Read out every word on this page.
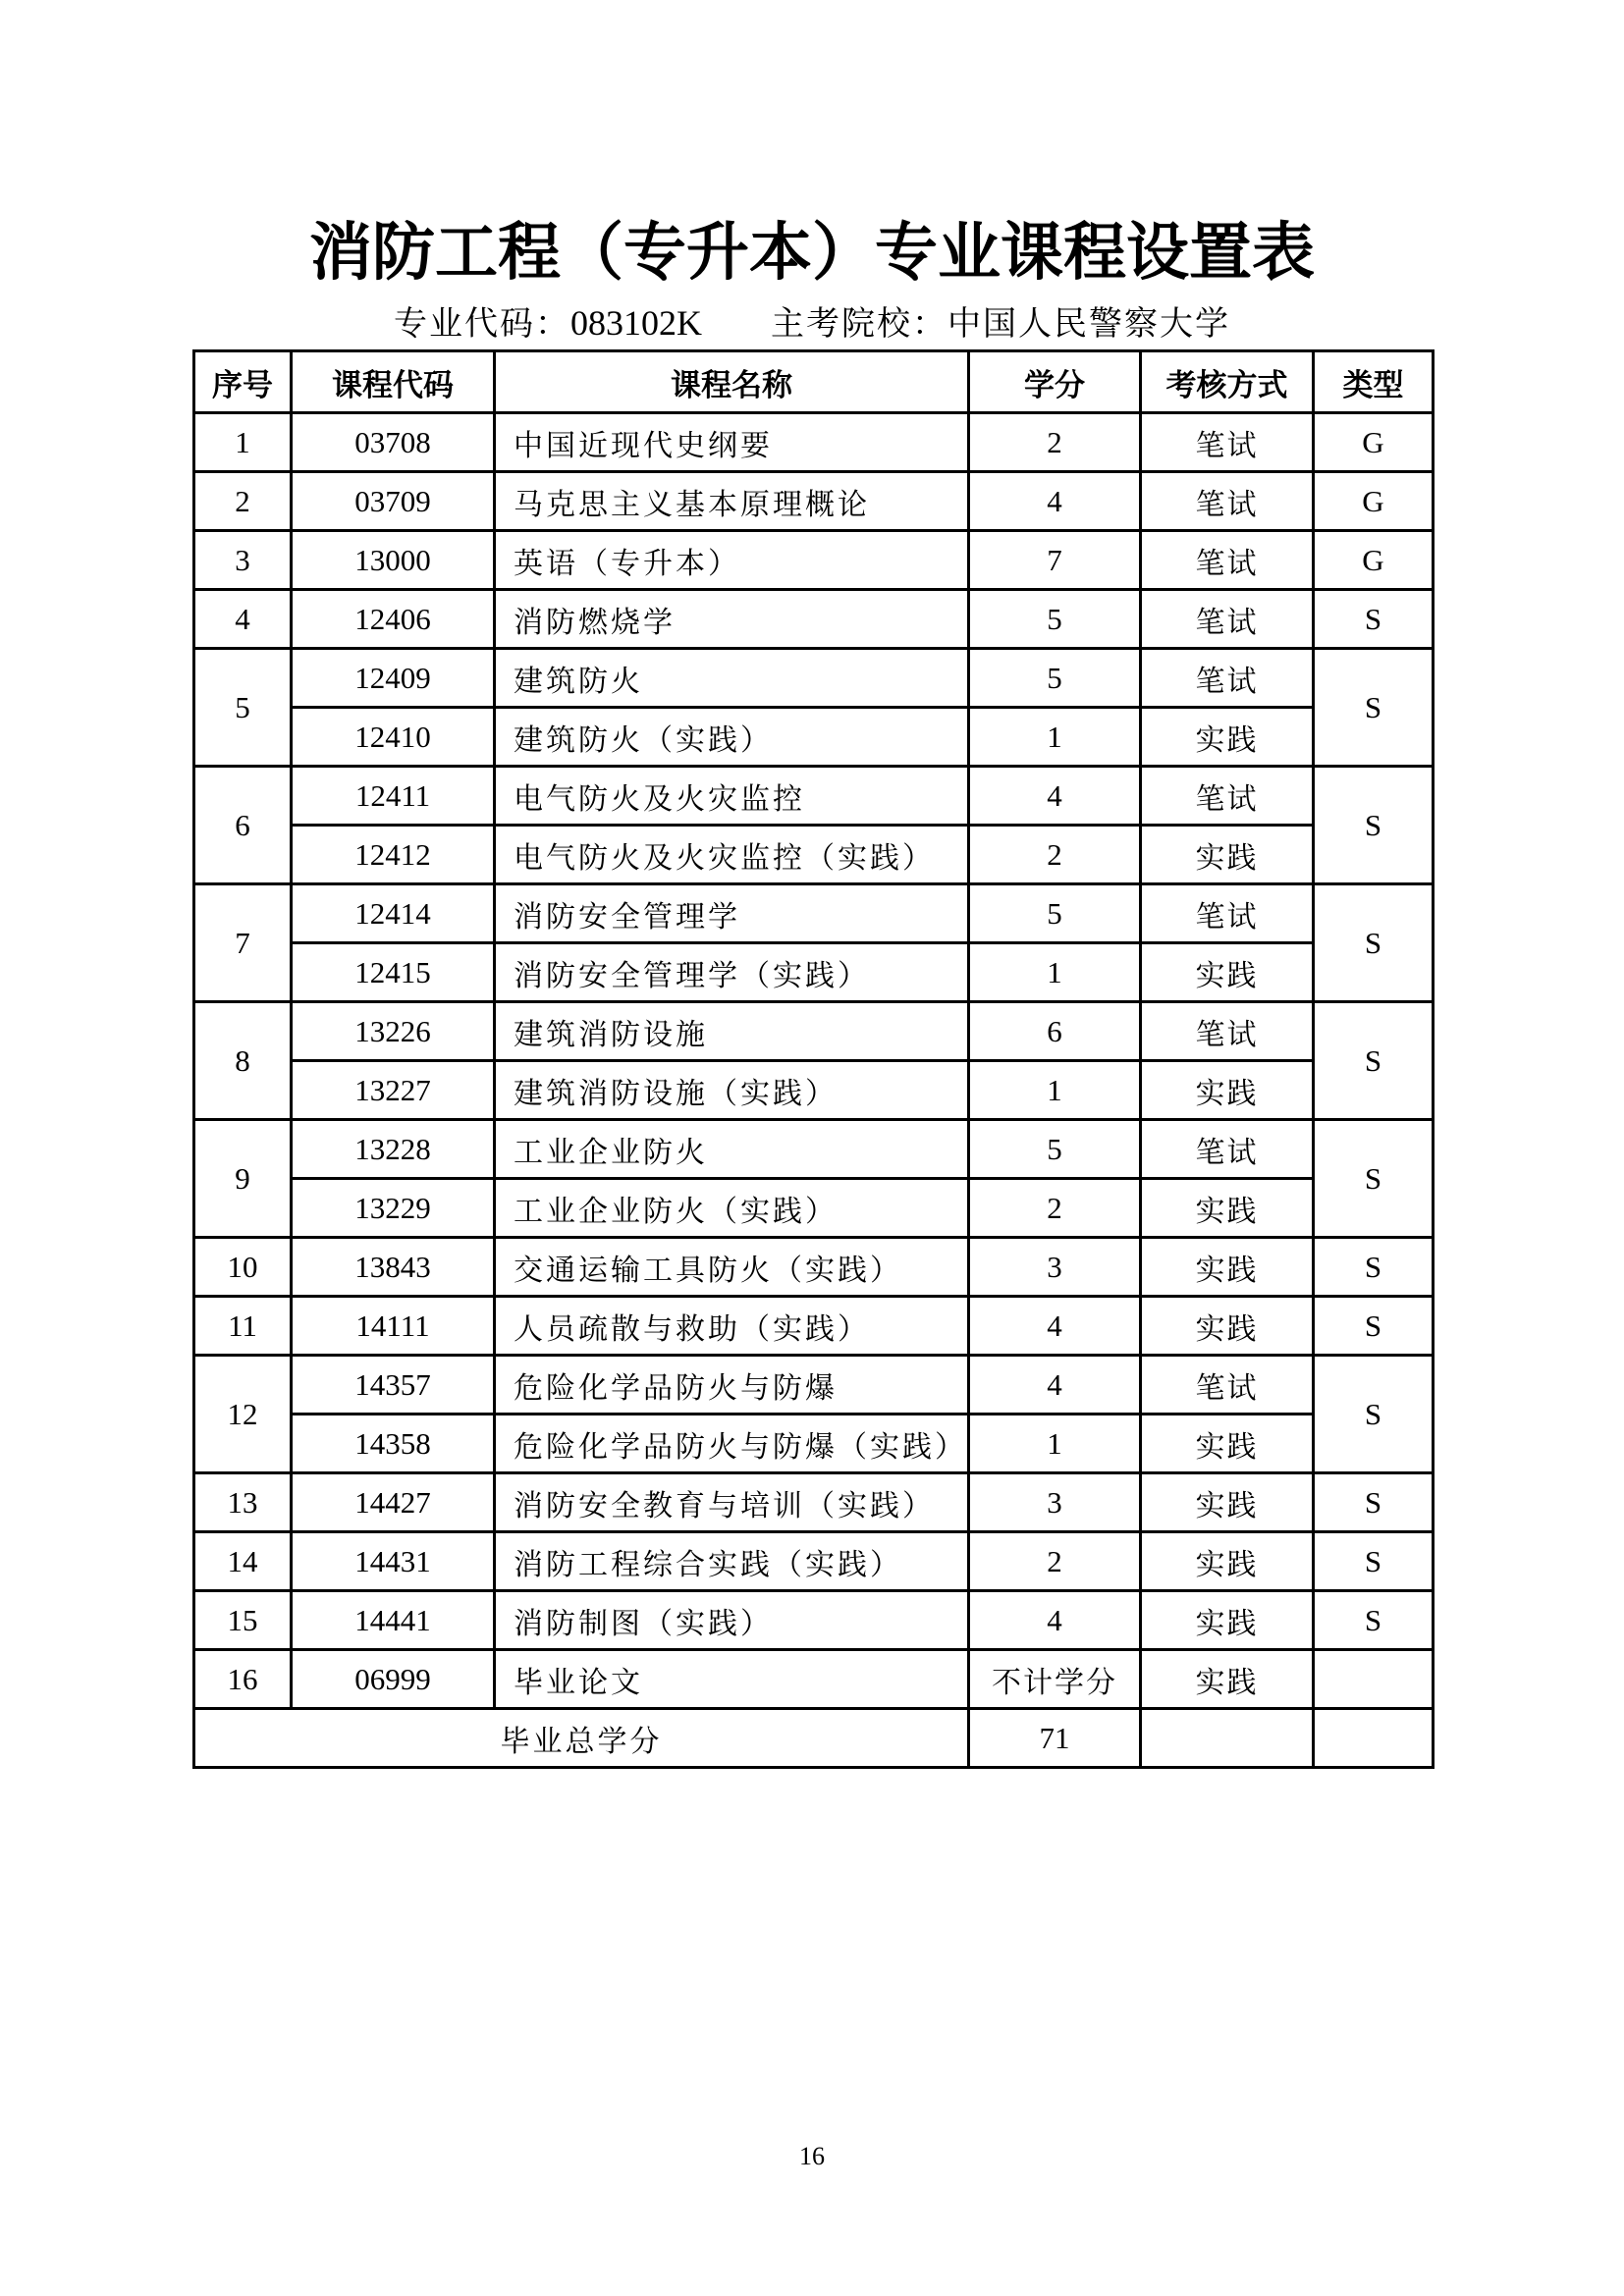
消防工程（专升本）专业课程设置表
专业代码：083102K 主考院校：中国人民警察大学
序号	课程代码	课程名称	学分	考核方式	类型
1	03708	中国近现代史纲要	2	笔试	G
2	03709	马克思主义基本原理概论	4	笔试	G
3	13000	英语（专升本）	7	笔试	G
4	12406	消防燃烧学	5	笔试	S
5	12409	建筑防火	5	笔试	S
	12410	建筑防火（实践）	1	实践	
6	12411	电气防火及火灾监控	4	笔试	S
	12412	电气防火及火灾监控（实践）	2	实践	
7	12414	消防安全管理学	5	笔试	S
	12415	消防安全管理学（实践）	1	实践	
8	13226	建筑消防设施	6	笔试	S
	13227	建筑消防设施（实践）	1	实践	
9	13228	工业企业防火	5	笔试	S
	13229	工业企业防火（实践）	2	实践	
10	13843	交通运输工具防火（实践）	3	实践	S
11	14111	人员疏散与救助（实践）	4	实践	S
12	14357	危险化学品防火与防爆	4	笔试	S
	14358	危险化学品防火与防爆（实践）	1	实践	
13	14427	消防安全教育与培训（实践）	3	实践	S
14	14431	消防工程综合实践（实践）	2	实践	S
15	14441	消防制图（实践）	4	实践	S
16	06999	毕业论文	不计学分	实践	
毕业总学分			71		
16
